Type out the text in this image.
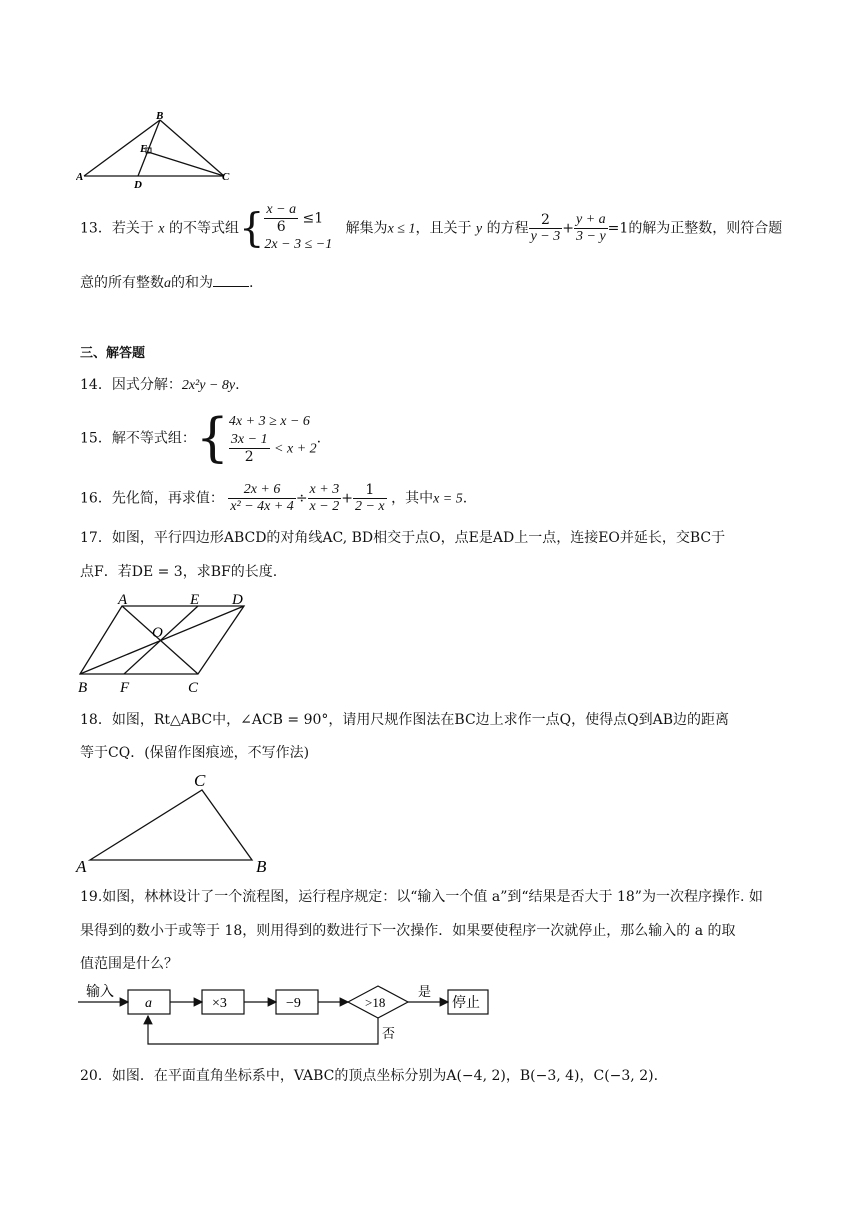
A
B
C
D
E
13．若关于 x 的不等式组{ $\frac{x - a}{6} \le 1$
2x − 3 ≤ −1
解集为x ≤ 1，且关于 y 的方程 $\frac{2}{y - 3} + \frac{y + a}{3 - y} =1$的解为正整数，则符合题
意的所有整数a的和为	.
三、解答题
14．因式分解：2x²y − 8y.
15．解不等式组：{ 4x + 3 ≥ x − 6
$\frac{3x - 1}{2} < x + 2$
.
16．先化简，再求值： $\frac{2x + 6}{\text{x² − 4x + 4}} \div \frac{x + 3}{x - 2} + \frac{1}{2 - x}$ ，其中x = 5.
17．如图，平行四边形ABCD的对角线AC, BD相交于点O，点E是AD上一点，连接EO并延长，交BC于
点F．若DE = 3，求BF的长度.
A	E D
O
B F	C
18．如图，Rt△ABC中，∠ACB = 90°，请用尺规作图法在BC边上求作一点Q，使得点Q到AB边的距离
等于CQ．(保留作图痕迹，不写作法)
C
A	B
19.如图，林林设计了一个流程图，运行程序规定：以“输入一个值 a”到“结果是否大于 18”为一次程序操作. 如
果得到的数小于或等于 18，则用得到的数进行下一次操作．如果要使程序一次就停止，那么输入的 a 的取
值范围是什么？
输入
a	×3	−9	>18
是
停止
否
20．如图．在平面直角坐标系中，VABC的顶点坐标分别为A(−4, 2)，B(−3, 4)，C(−3, 2).
